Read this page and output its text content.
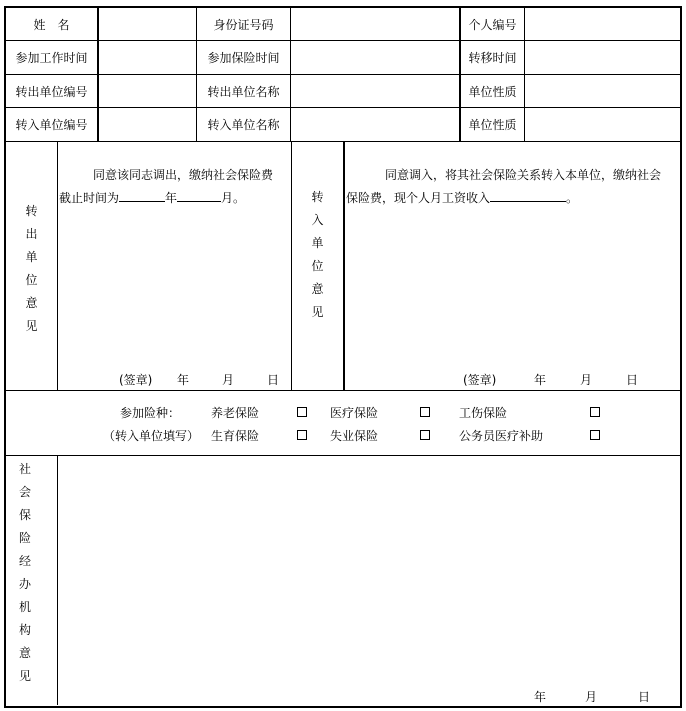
姓　名	身份证号码	个人编号
参加工作时间	参加保险时间	转移时间
转出单位编号	转出单位名称	单位性质
转入单位编号	转入单位名称	单位性质
转
出
单
位
意
见
同意该同志调出，缴纳社会保险费
截止时间为	年	月。
(签章) 年	月	日
转
入
单
位
意
见
同意调入，将其社会保险关系转入本单位，缴纳社会
保险费，现个人月工资收入	。
(签章)	年	月	日
参加险种：
（转入单位填写）
养老保险	医疗保险	工伤保险
生育保险	失业保险	公务员医疗补助
社
会
保
险
经
办
机
构
意
见
年	月	日
